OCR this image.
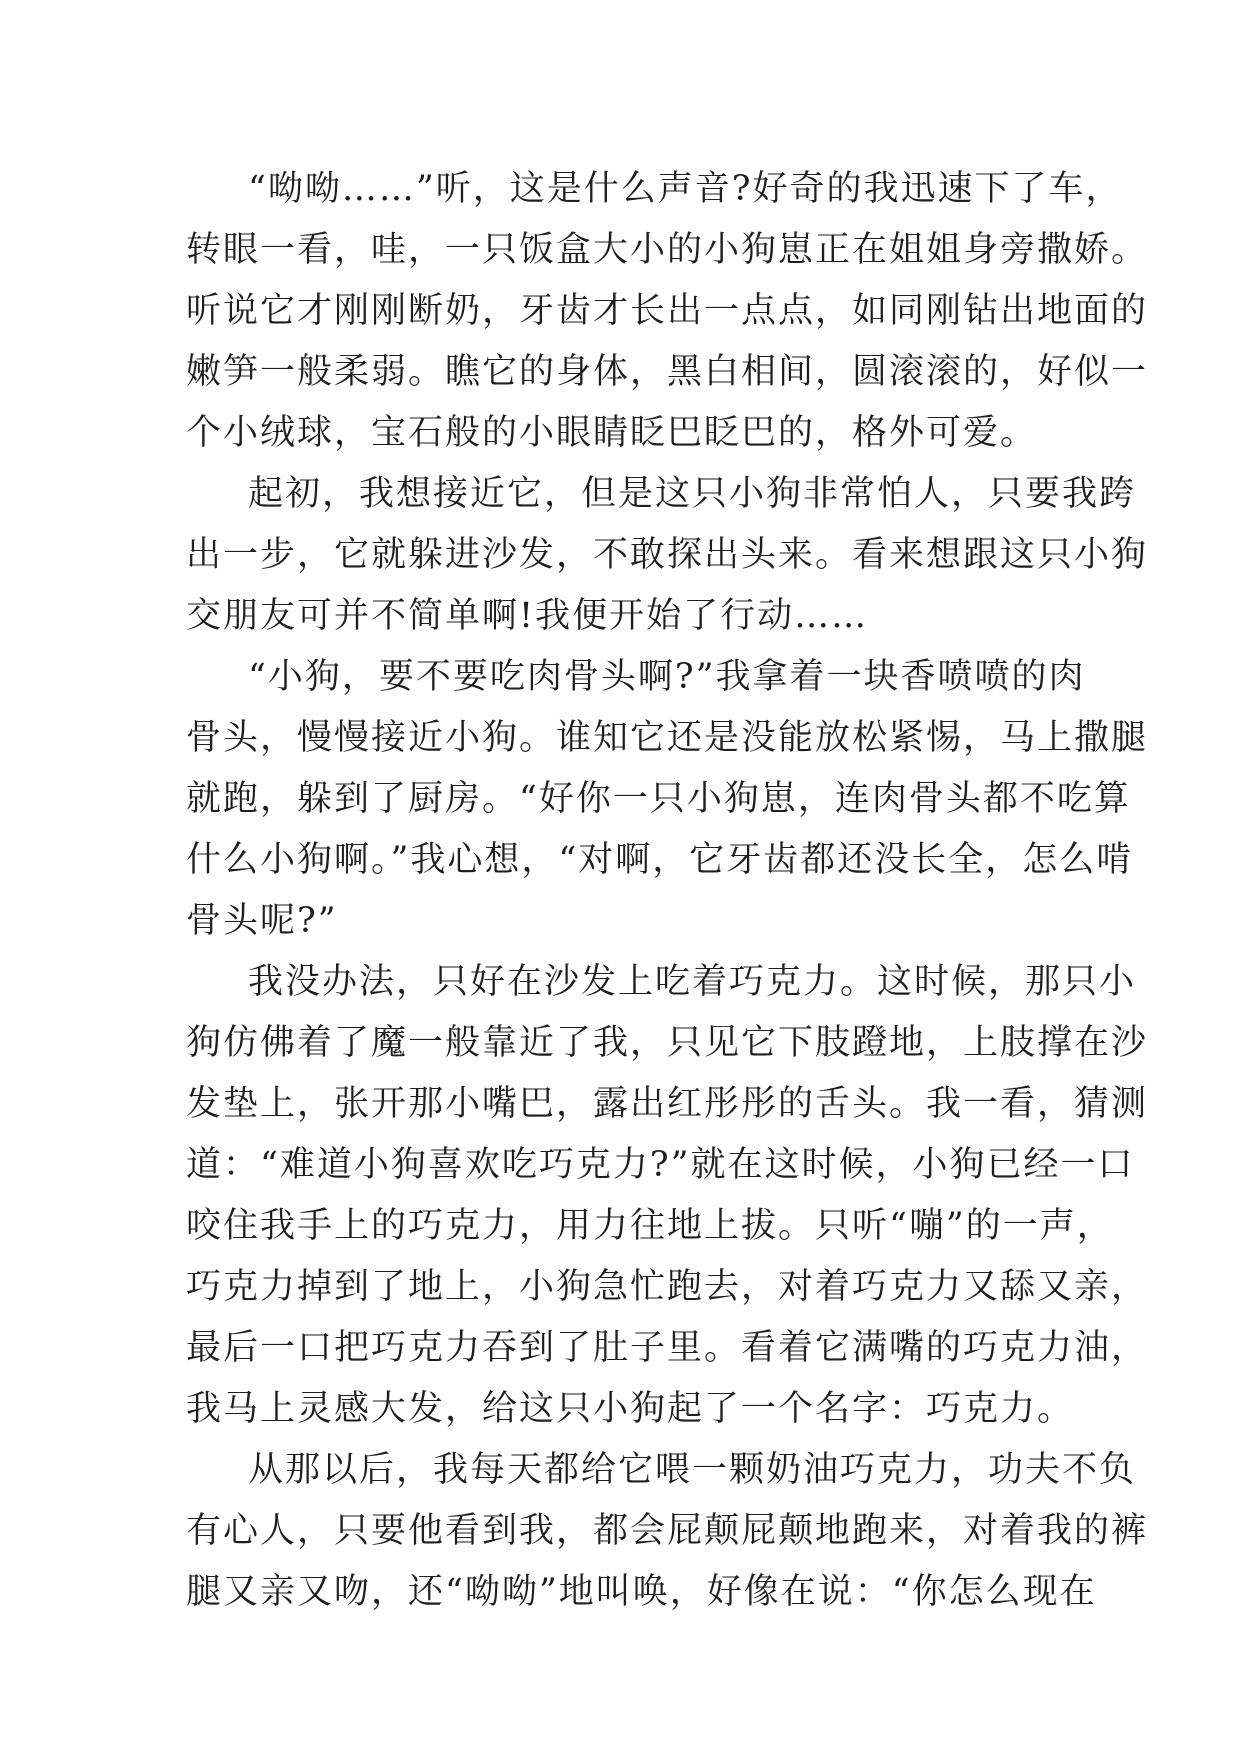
“呦呦……”听，这是什么声音?好奇的我迅速下了车，
转眼一看，哇，一只饭盒大小的小狗崽正在姐姐身旁撒娇。
听说它才刚刚断奶，牙齿才长出一点点，如同刚钻出地面的
嫩笋一般柔弱。瞧它的身体，黑白相间，圆滚滚的，好似一
个小绒球，宝石般的小眼睛眨巴眨巴的，格外可爱。
起初，我想接近它，但是这只小狗非常怕人，只要我跨
出一步，它就躲进沙发，不敢探出头来。看来想跟这只小狗
交朋友可并不简单啊!我便开始了行动……
“小狗，要不要吃肉骨头啊?”我拿着一块香喷喷的肉
骨头，慢慢接近小狗。谁知它还是没能放松紧惕，马上撒腿
就跑，躲到了厨房。“好你一只小狗崽，连肉骨头都不吃算
什么小狗啊。”我心想，“对啊，它牙齿都还没长全，怎么啃
骨头呢?”
我没办法，只好在沙发上吃着巧克力。这时候，那只小
狗仿佛着了魔一般靠近了我，只见它下肢蹬地，上肢撑在沙
发垫上，张开那小嘴巴，露出红彤彤的舌头。我一看，猜测
道：“难道小狗喜欢吃巧克力?”就在这时候，小狗已经一口
咬住我手上的巧克力，用力往地上拔。只听“嘣”的一声，
巧克力掉到了地上，小狗急忙跑去，对着巧克力又舔又亲，
最后一口把巧克力吞到了肚子里。看着它满嘴的巧克力油，
我马上灵感大发，给这只小狗起了一个名字：巧克力。
从那以后，我每天都给它喂一颗奶油巧克力，功夫不负
有心人，只要他看到我，都会屁颠屁颠地跑来，对着我的裤
腿又亲又吻，还“呦呦”地叫唤，好像在说：“你怎么现在
